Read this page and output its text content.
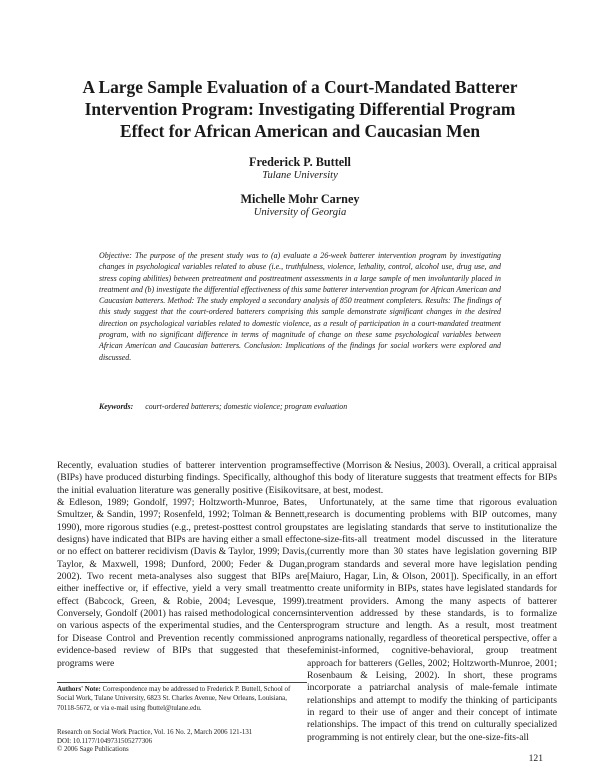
A Large Sample Evaluation of a Court-Mandated Batterer
Intervention Program: Investigating Differential Program
Effect for African American and Caucasian Men

Frederick P. Buttell

Tulane University

Michelle Mohr Carney

University of Georgia

Objective: The purpose of the present study was to (a) evaluate a 26-week batterer intervention program by investigating changes in psychological variables related to abuse (i.e., truthfulness, violence, lethality, control, alcohol use, drug use, and stress coping abilities) between pretreatment and posttreatment assessments in a large sample of men involuntarily placed in treatment and (b) investigate the differential effectiveness of this same batterer intervention program for African American and Caucasian batterers. Method: The study employed a secondary analysis of 850 treatment completers. Results: The findings of this study suggest that the court-ordered batterers comprising this sample demonstrate significant changes in the desired direction on psychological variables related to domestic violence, as a result of participation in a court-mandated treatment program, with no significant difference in terms of magnitude of change on these same psychological variables between African American and Caucasian batterers. Conclusion: Implications of the findings for social workers were explored and discussed.

Keywords: court-ordered batterers; domestic violence; program evaluation

Recently, evaluation studies of batterer intervention programs (BIPs) have produced disturbing findings. Specifically, although the initial evaluation literature was generally positive (Eisikovits & Edleson, 1989; Gondolf, 1997; Holtzworth-Munroe, Bates, Smultzer, & Sandin, 1997; Rosenfeld, 1992; Tolman & Bennett, 1990), more rigorous studies (e.g., pretest-posttest control group designs) have indicated that BIPs are having either a small effect or no effect on batterer recidivism (Davis & Taylor, 1999; Davis, Taylor, & Maxwell, 1998; Dunford, 2000; Feder & Dugan, 2002). Two recent meta-analyses also suggest that BIPs are either ineffective or, if effective, yield a very small treatment effect (Babcock, Green, & Robie, 2004; Levesque, 1999). Conversely, Gondolf (2001) has raised methodological concerns on various aspects of the experimental studies, and the Centers for Disease Control and Prevention recently commissioned an evidence-based review of BIPs that suggested that these programs were

effective (Morrison & Nesius, 2003). Overall, a critical appraisal of this body of literature suggests that treatment effects for BIPs are, at best, modest.

Unfortunately, at the same time that rigorous evaluation research is documenting problems with BIP outcomes, many states are legislating standards that serve to institutionalize the one-size-fits-all treatment model discussed in the literature (currently more than 30 states have legislation governing BIP program standards and several more have legislation pending [Maiuro, Hagar, Lin, & Olson, 2001]). Specifically, in an effort to create uniformity in BIPs, states have legislated standards for treatment providers. Among the many aspects of batterer intervention addressed by these standards, is to formalize program structure and length. As a result, most treatment programs nationally, regardless of theoretical perspective, offer a feminist-informed, cognitive-behavioral, group treatment approach for batterers (Gelles, 2002; Holtzworth-Munroe, 2001; Rosenbaum & Leising, 2002). In short, these programs incorporate a patriarchal analysis of male-female intimate relationships and attempt to modify the thinking of participants in regard to their use of anger and their concept of intimate relationships. The impact of this trend on culturally specialized programming is not entirely clear, but the one-size-fits-all

Authors' Note: Correspondence may be addressed to Frederick P. Buttell, School of Social Work, Tulane University, 6823 St. Charles Avenue, New Orleans, Louisiana, 70118-5672, or via e-mail using fbuttel@tulane.edu.

Research on Social Work Practice, Vol. 16 No. 2, March 2006 121-131
DOI: 10.1177/1049731505277306
© 2006 Sage Publications
121
